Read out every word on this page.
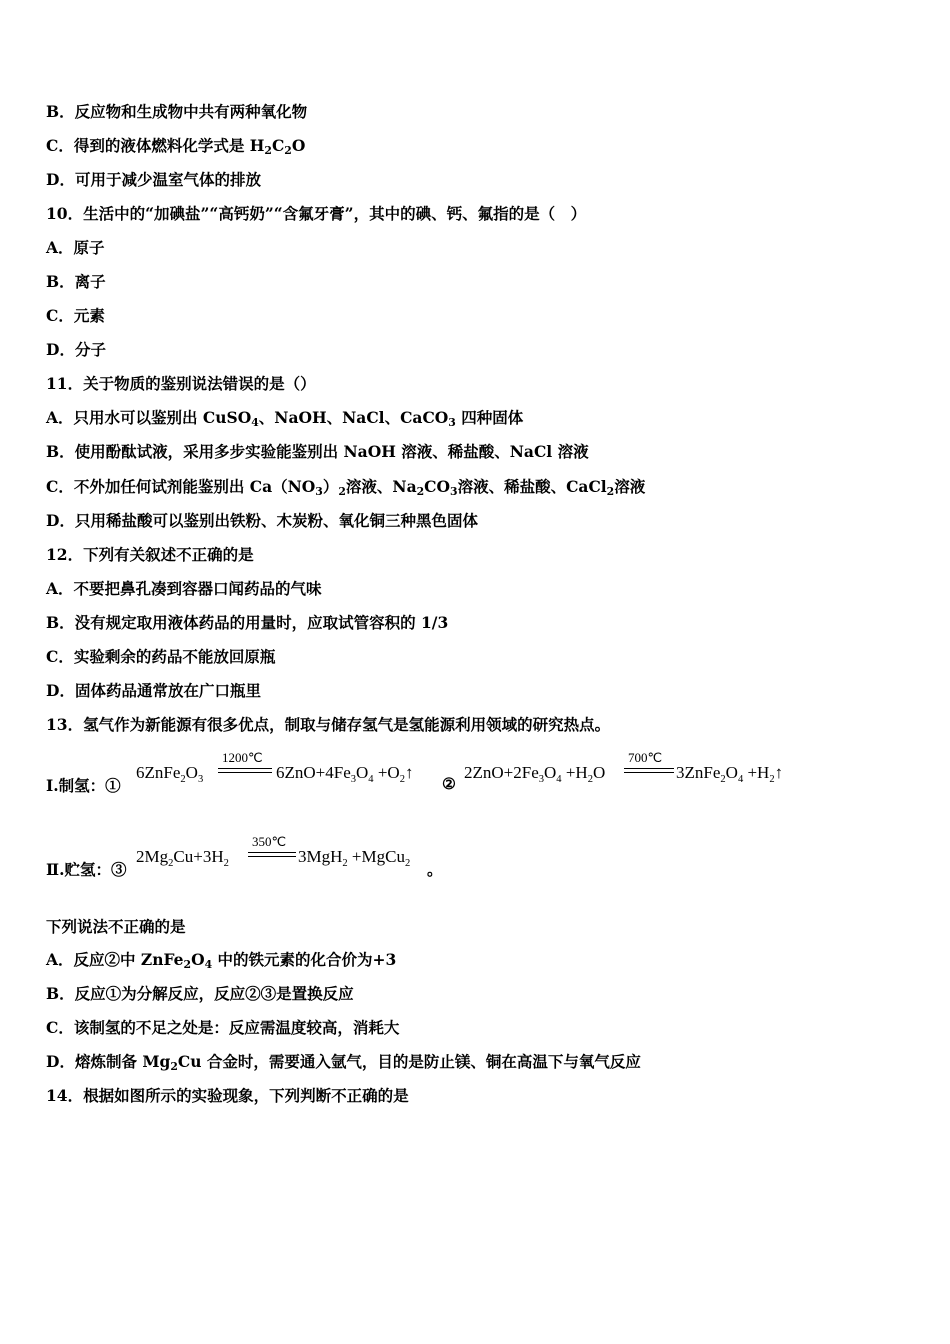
B．反应物和生成物中共有两种氧化物
C．得到的液体燃料化学式是 $H_2C_2O$
D．可用于减少温室气体的排放
10．生活中的“加碘盐”“高钙奶”“含氟牙膏”，其中的碘、钙、氟指的是（　）
A．原子
B．离子
C．元素
D．分子
11．关于物质的鉴别说法错误的是（）
A．只用水可以鉴别出 CuSO$_4$、NaOH、NaCl、CaCO$_3$ 四种固体
B．使用酚酞试液，采用多步实验能鉴别出 NaOH 溶液、稀盐酸、NaCl 溶液
C．不外加任何试剂能鉴别出 $Ca(NO_3)_2$溶液、$Na_2CO_3$溶液、稀盐酸、CaCl$_2$溶液
D．只用稀盐酸可以鉴别出铁粉、木炭粉、氧化铜三种黑色固体
12．下列有关叙述不正确的是
A．不要把鼻孔凑到容器口闻药品的气味
B．没有规定取用液体药品的用量时，应取试管容积的 1/3
C．实验剩余的药品不能放回原瓶
D．固体药品通常放在广口瓶里
13．氢气作为新能源有很多优点，制取与储存氢气是氢能源利用领域的研究热点。
Ⅰ.制氢：①
$6ZnFe_2O_3$
1200℃
$6ZnO+4Fe_3O_4$ $+O_2↑$
②
$2ZnO+2Fe_3O_4 +H_2O$
700℃
$3ZnFe_2O_4$ $+H_2↑$
Ⅱ.贮氢：③
$2Mg_2Cu+3H_2$
350℃
3MgH$_2$ +MgCu$_2$ 。
下列说法不正确的是
A．反应②中 $ZnFe_2O_4$ 中的铁元素的化合价为+3
B．反应①为分解反应，反应②③是置换反应
C．该制氢的不足之处是：反应需温度较高，消耗大
D．熔炼制备 $Mg_2Cu$ 合金时，需要通入氩气，目的是防止镁、铜在高温下与氧气反应
14．根据如图所示的实验现象，下列判断不正确的是
